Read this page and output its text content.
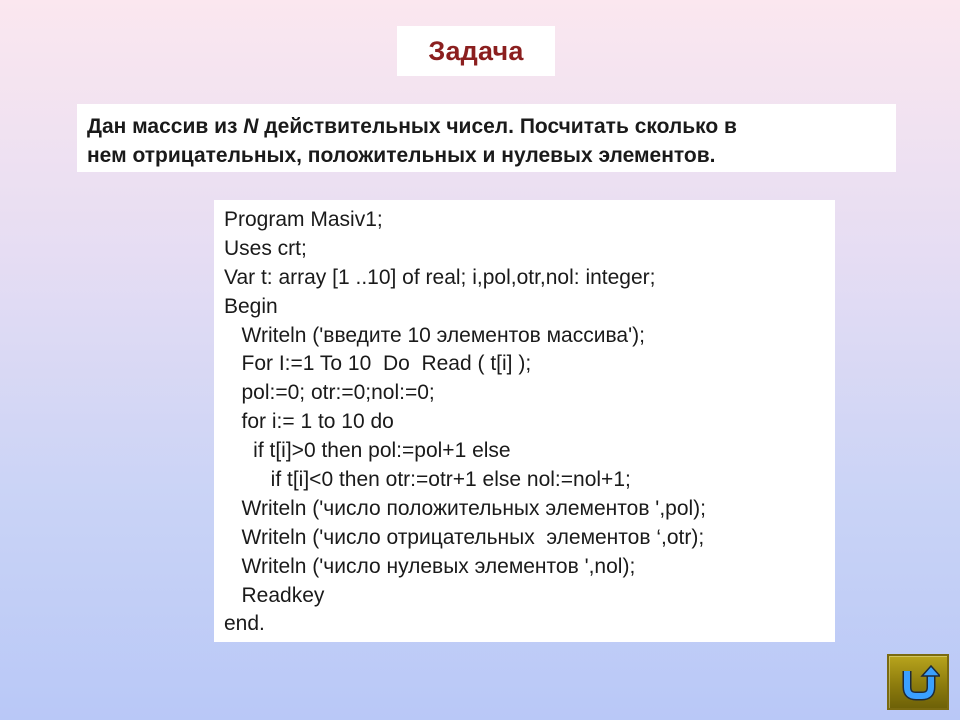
Задача
Дан массив из N действительных чисел. Посчитать сколько в
нем отрицательных, положительных и нулевых элементов.
Program Masiv1;
Uses crt;
Var t: array [1 ..10] of real; i,pol,otr,nol: integer;
Begin
Writeln ('введите 10 элементов массива');
For I:=1 To 10  Do  Read ( t[i] );
pol:=0; otr:=0;nol:=0;
for i:= 1 to 10 do
if t[i]>0 then pol:=pol+1 else
if t[i]<0 then otr:=otr+1 else nol:=nol+1;
Writeln ('число положительных элементов ',pol);
Writeln ('число отрицательных  элементов ‘,otr);
Writeln ('число нулевых элементов ',nol);
Readkey
end.
